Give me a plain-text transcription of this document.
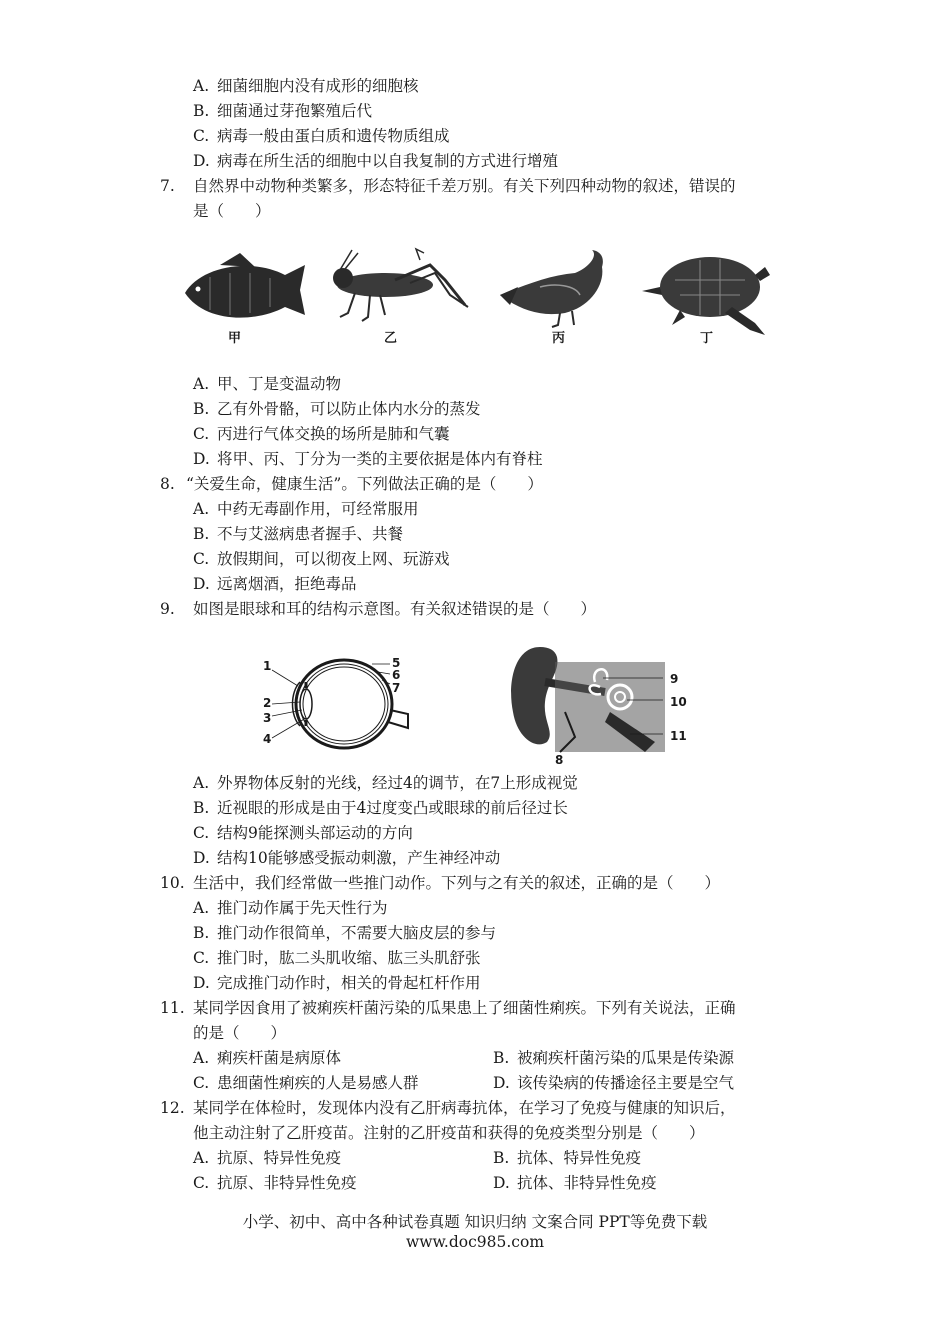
A. 细菌细胞内没有成形的细胞核
B. 细菌通过芽孢繁殖后代
C. 病毒一般由蛋白质和遗传物质组成
D. 病毒在所生活的细胞中以自我复制的方式进行增殖
7. 自然界中动物种类繁多，形态特征千差万别。有关下列四种动物的叙述，错误的
是（　　）
甲	乙	丙	丁
A. 甲、丁是变温动物
B. 乙有外骨骼，可以防止体内水分的蒸发
C. 丙进行气体交换的场所是肺和气囊
D. 将甲、丙、丁分为一类的主要依据是体内有脊柱
8. “关爱生命，健康生活”。下列做法正确的是（　　）
A. 中药无毒副作用，可经常服用
B. 不与艾滋病患者握手、共餐
C. 放假期间，可以彻夜上网、玩游戏
D. 远离烟酒，拒绝毒品
9. 如图是眼球和耳的结构示意图。有关叙述错误的是（　　）
1
2
3
4
5
6
7
9
10
11
8
A. 外界物体反射的光线，经过4的调节，在7上形成视觉
B. 近视眼的形成是由于4过度变凸或眼球的前后径过长
C. 结构9能探测头部运动的方向
D. 结构10能够感受振动刺激，产生神经冲动
10. 生活中，我们经常做一些推门动作。下列与之有关的叙述，正确的是（　　）
A. 推门动作属于先天性行为
B. 推门动作很简单，不需要大脑皮层的参与
C. 推门时，肱二头肌收缩、肱三头肌舒张
D. 完成推门动作时，相关的骨起杠杆作用
11. 某同学因食用了被痢疾杆菌污染的瓜果患上了细菌性痢疾。下列有关说法，正确
的是（　　）
A. 痢疾杆菌是病原体	B. 被痢疾杆菌污染的瓜果是传染源
C. 患细菌性痢疾的人是易感人群	D. 该传染病的传播途径主要是空气
12. 某同学在体检时，发现体内没有乙肝病毒抗体，在学习了免疫与健康的知识后，
他主动注射了乙肝疫苗。注射的乙肝疫苗和获得的免疫类型分别是（　　）
A. 抗原、特异性免疫	B. 抗体、特异性免疫
C. 抗原、非特异性免疫	D. 抗体、非特异性免疫
小学、初中、高中各种试卷真题 知识归纳 文案合同 PPT等免费下载
www.doc985.com
